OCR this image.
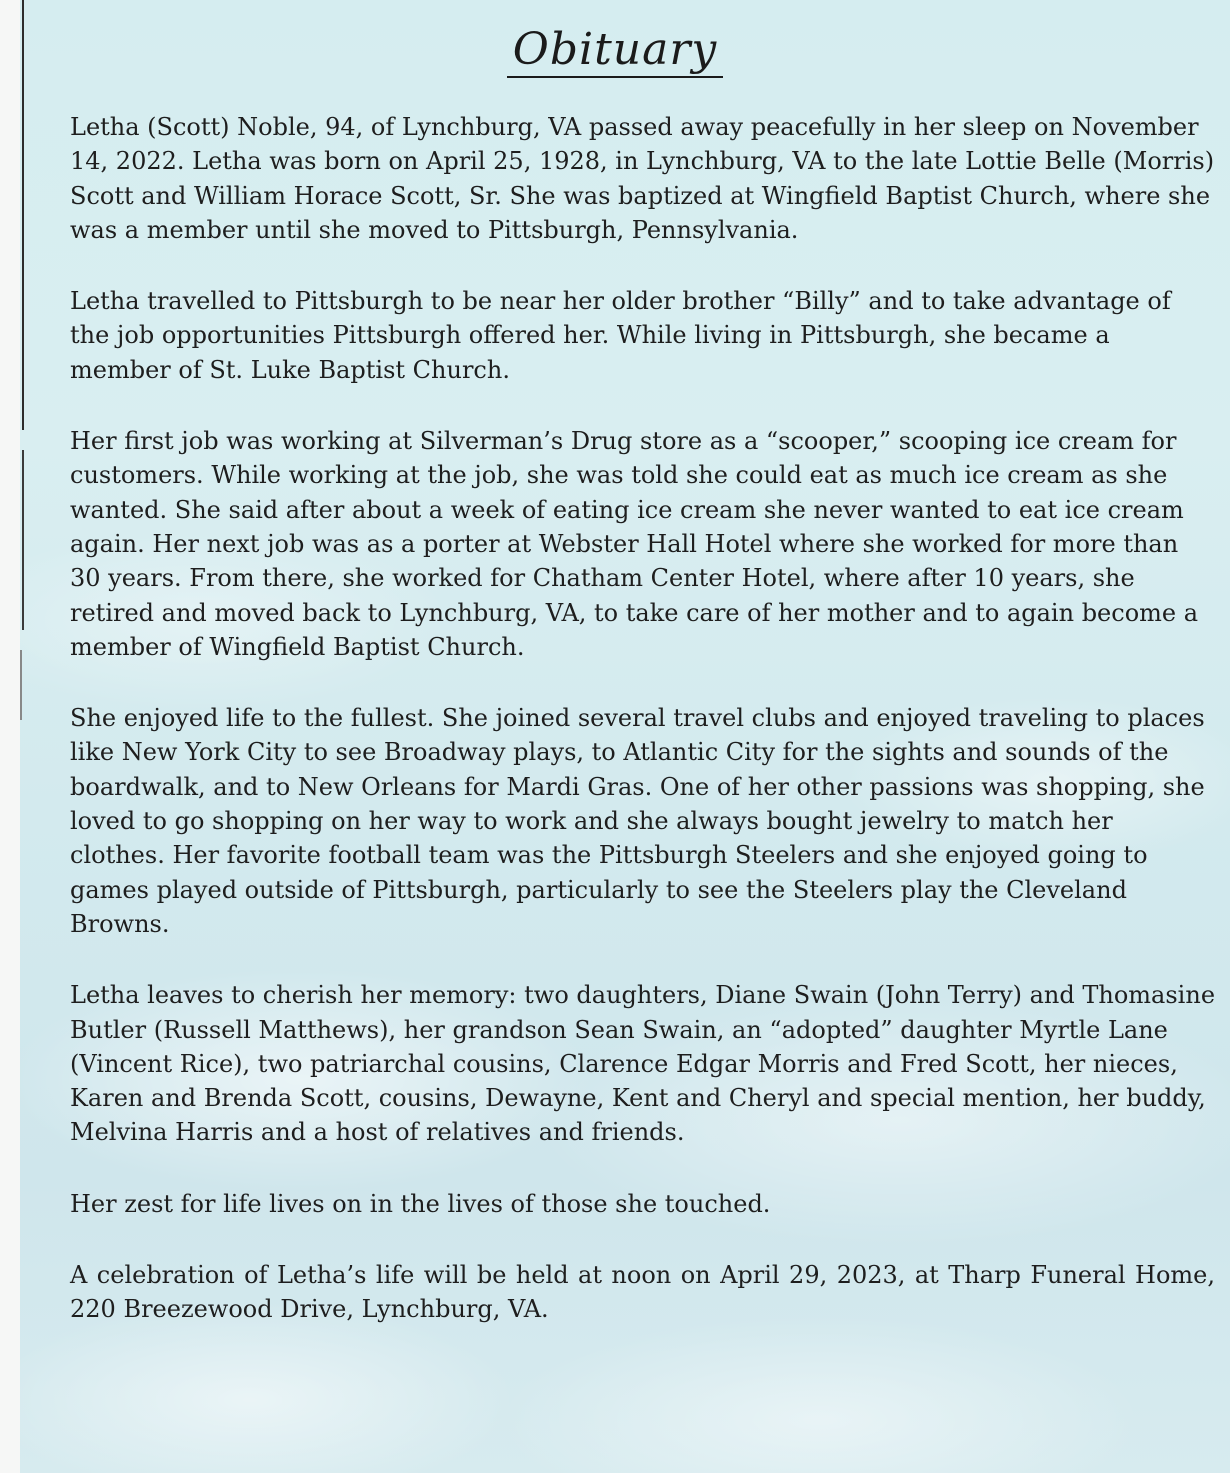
Obituary

Letha (Scott) Noble, 94, of Lynchburg, VA passed away peacefully in her sleep on November 14, 2022. Letha was born on April 25, 1928, in Lynchburg, VA to the late Lottie Belle (Morris) Scott and William Horace Scott, Sr. She was baptized at Wingfield Baptist Church, where she was a member until she moved to Pittsburgh, Pennsylvania.

Letha travelled to Pittsburgh to be near her older brother “Billy” and to take advantage of the job opportunities Pittsburgh offered her. While living in Pittsburgh, she became a member of St. Luke Baptist Church.

Her first job was working at Silverman’s Drug store as a “scooper,” scooping ice cream for customers. While working at the job, she was told she could eat as much ice cream as she wanted. She said after about a week of eating ice cream she never wanted to eat ice cream again. Her next job was as a porter at Webster Hall Hotel where she worked for more than 30 years. From there, she worked for Chatham Center Hotel, where after 10 years, she retired and moved back to Lynchburg, VA, to take care of her mother and to again become a member of Wingfield Baptist Church.

She enjoyed life to the fullest. She joined several travel clubs and enjoyed traveling to places like New York City to see Broadway plays, to Atlantic City for the sights and sounds of the boardwalk, and to New Orleans for Mardi Gras. One of her other passions was shopping, she loved to go shopping on her way to work and she always bought jewelry to match her clothes. Her favorite football team was the Pittsburgh Steelers and she enjoyed going to games played outside of Pittsburgh, particularly to see the Steelers play the Cleveland Browns.

Letha leaves to cherish her memory: two daughters, Diane Swain (John Terry) and Thomasine Butler (Russell Matthews), her grandson Sean Swain, an “adopted” daughter Myrtle Lane (Vincent Rice), two patriarchal cousins, Clarence Edgar Morris and Fred Scott, her nieces, Karen and Brenda Scott, cousins, Dewayne, Kent and Cheryl and special mention, her buddy, Melvina Harris and a host of relatives and friends.

Her zest for life lives on in the lives of those she touched.

A celebration of Letha’s life will be held at noon on April 29, 2023, at Tharp Funeral Home, 220 Breezewood Drive, Lynchburg, VA.
